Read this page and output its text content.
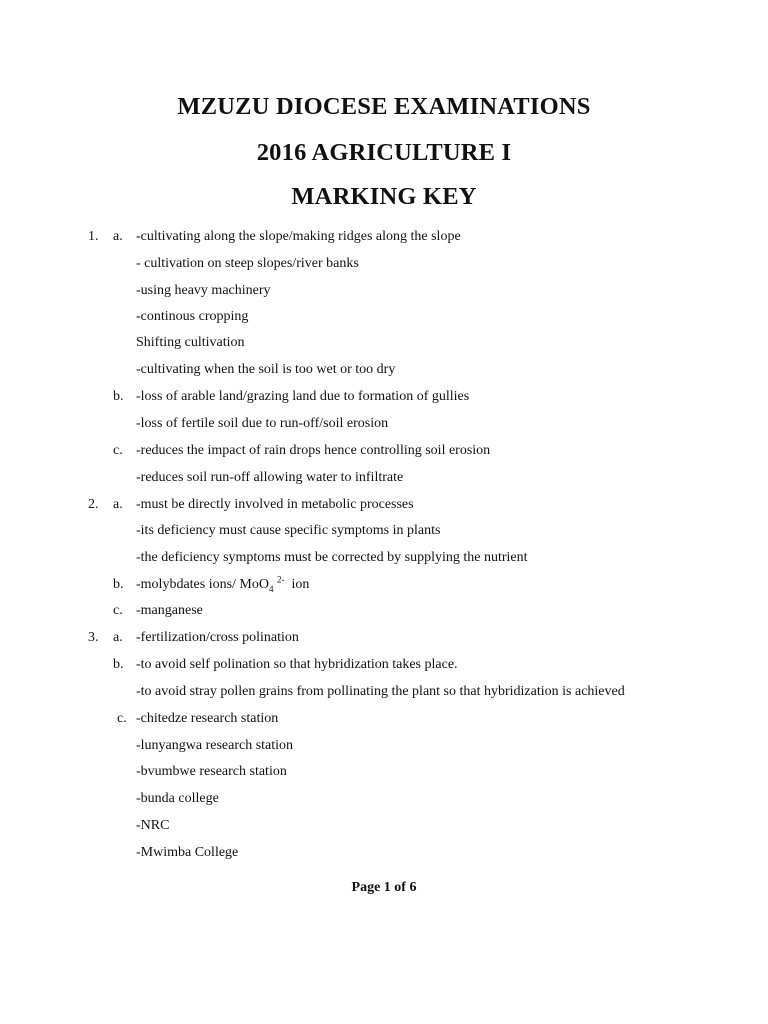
MZUZU DIOCESE EXAMINATIONS
2016 AGRICULTURE I
MARKING KEY
1. a. -cultivating along the slope/making ridges along the slope
- cultivation on steep slopes/river banks
-using heavy machinery
-continous cropping
Shifting cultivation
-cultivating when the soil is too wet or too dry
b. -loss of arable land/grazing land due to formation of gullies
-loss of fertile soil due to run-off/soil erosion
c. -reduces the impact of rain drops hence controlling soil erosion
-reduces soil run-off allowing water to infiltrate
2. a. -must be directly involved in metabolic processes
-its deficiency must cause specific symptoms in plants
-the deficiency symptoms must be corrected by supplying the nutrient
b. -molybdates ions/ MoO$_4$ $^{2-}$ ion
c. -manganese
3. a. -fertilization/cross polination
b. -to avoid self polination so that hybridization takes place.
-to avoid stray pollen grains from pollinating the plant so that hybridization is achieved
c. -chitedze research station
-lunyangwa research station
-bvumbwe research station
-bunda college
-NRC
-Mwimba College
Page 1 of 6
